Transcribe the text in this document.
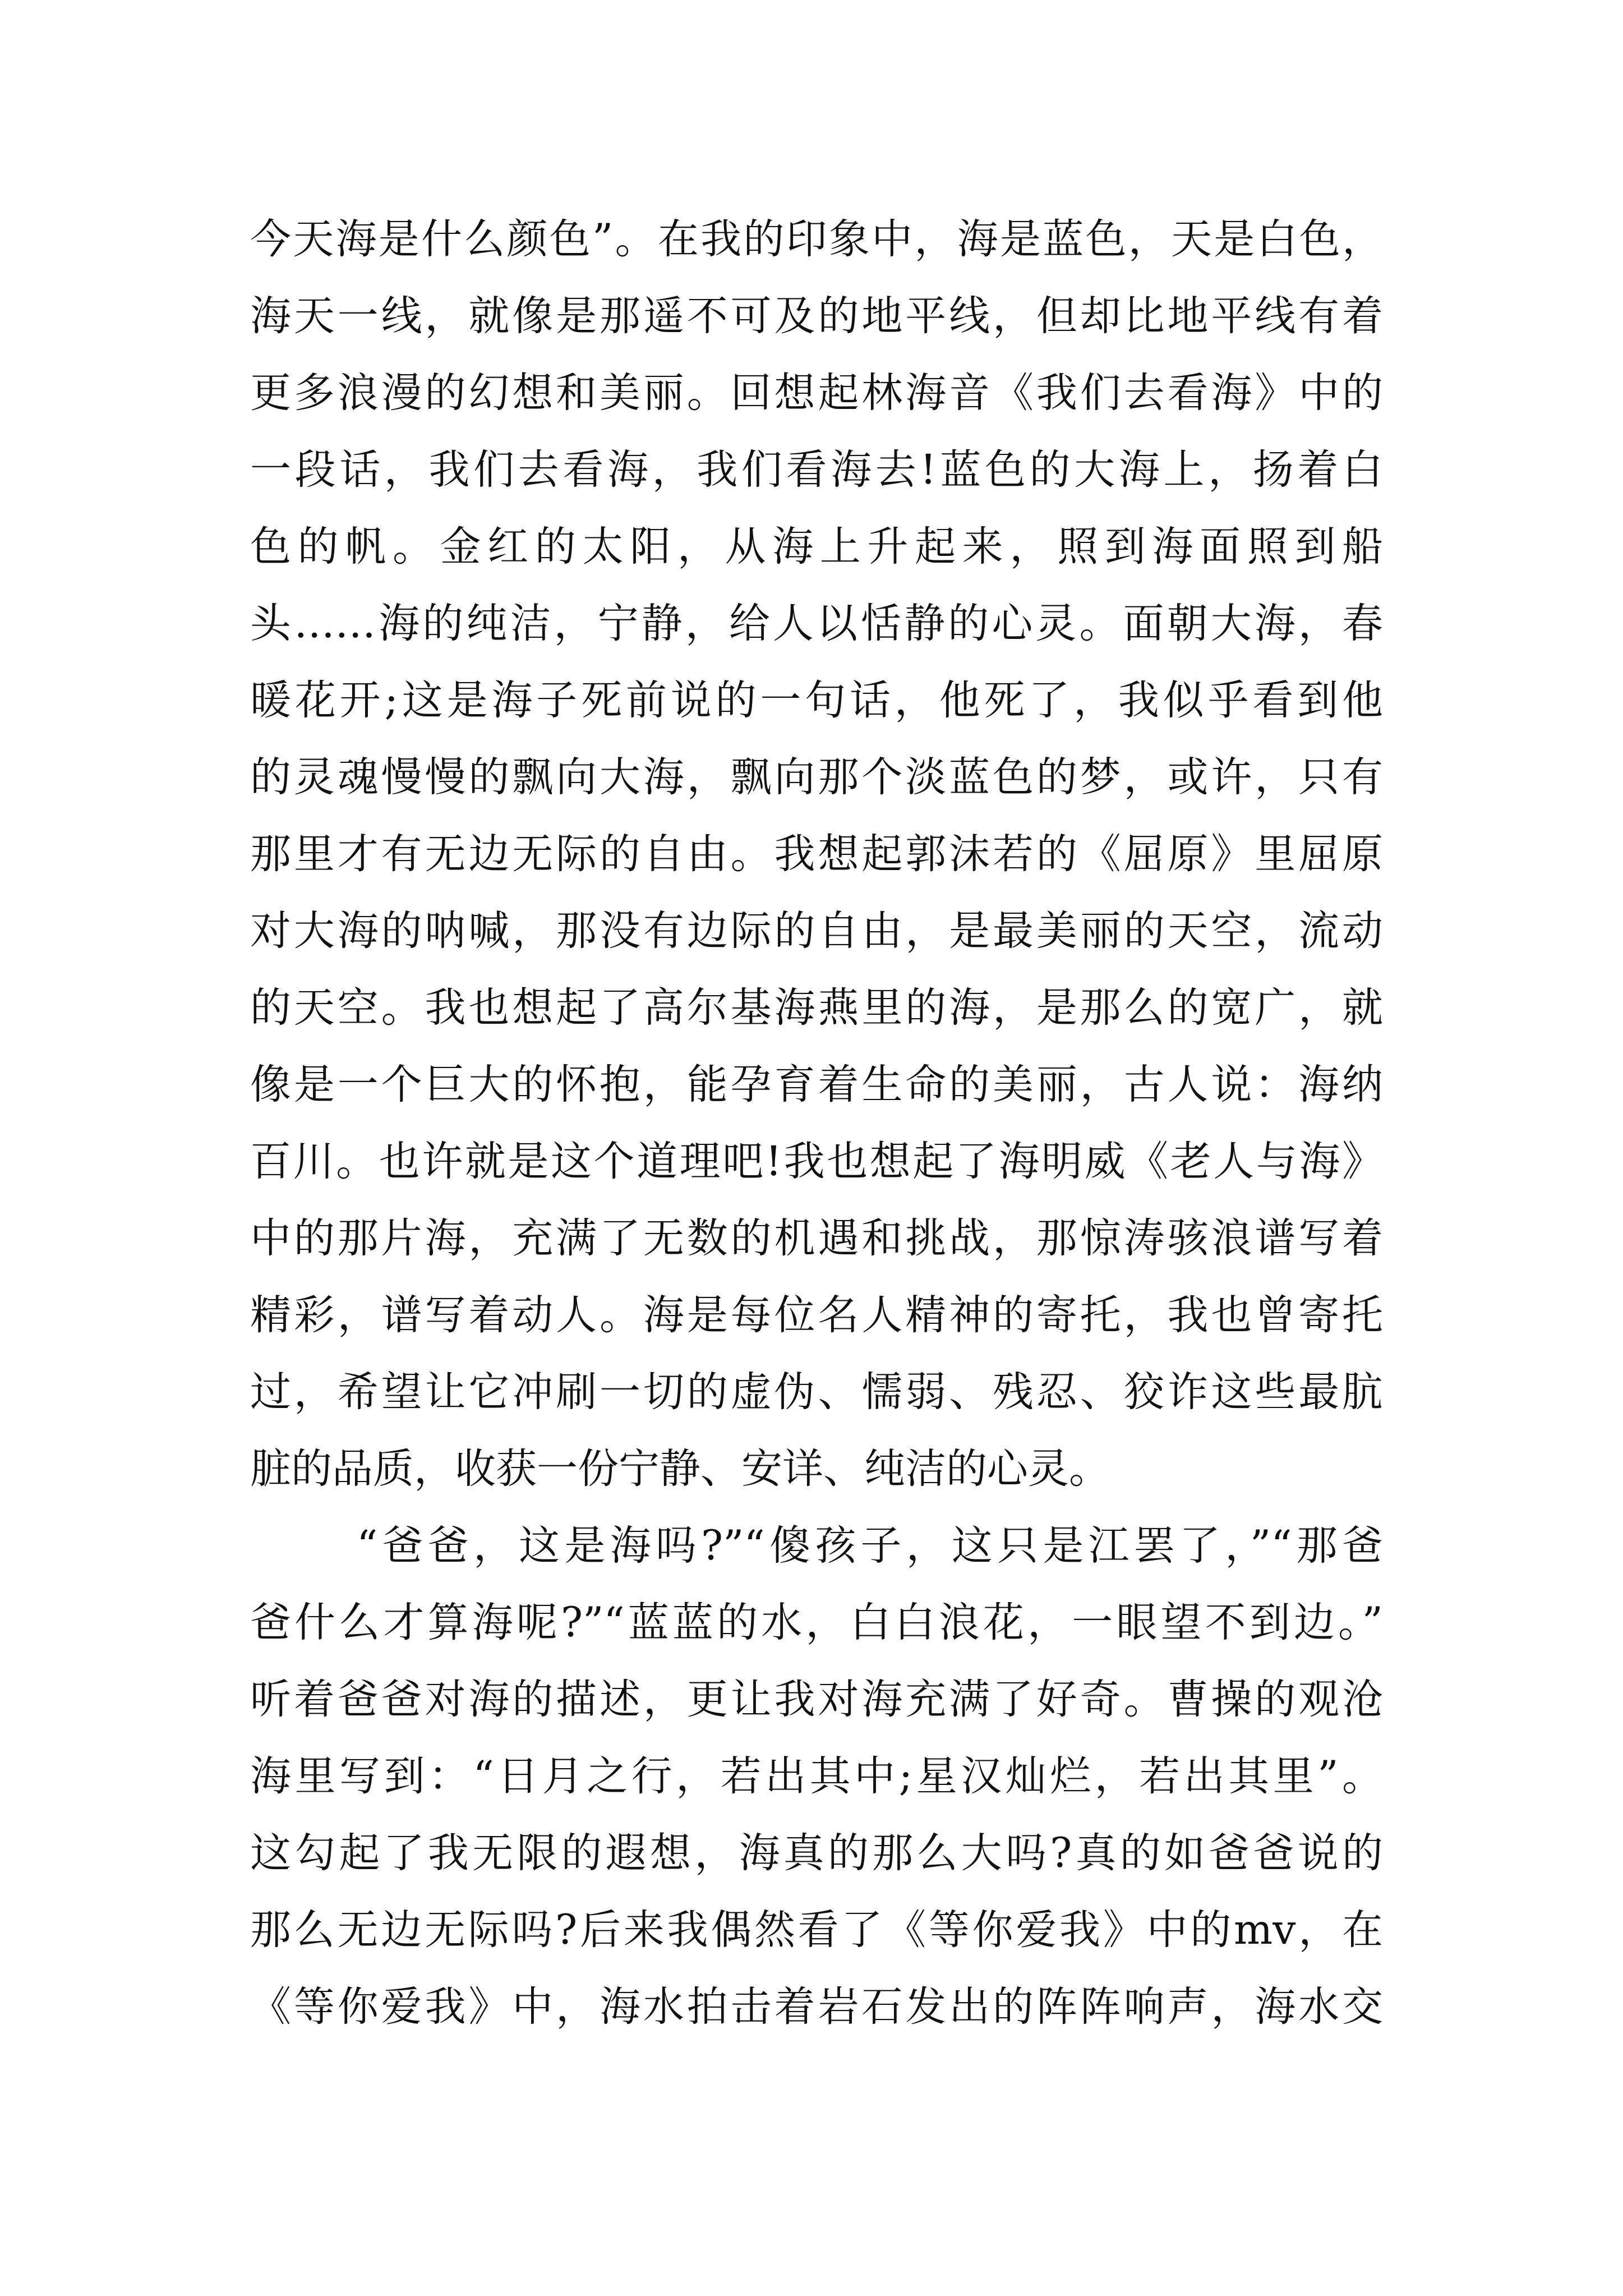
今天海是什么颜色”。在我的印象中，海是蓝色，天是白色，
海天一线，就像是那遥不可及的地平线，但却比地平线有着
更多浪漫的幻想和美丽。回想起林海音《我们去看海》中的
一段话，我们去看海，我们看海去!蓝色的大海上，扬着白
色的帆。金红的太阳，从海上升起来，照到海面照到船
头……海的纯洁，宁静，给人以恬静的心灵。面朝大海，春
暖花开;这是海子死前说的一句话，他死了，我似乎看到他
的灵魂慢慢的飘向大海，飘向那个淡蓝色的梦，或许，只有
那里才有无边无际的自由。我想起郭沫若的《屈原》里屈原
对大海的呐喊，那没有边际的自由，是最美丽的天空，流动
的天空。我也想起了高尔基海燕里的海，是那么的宽广，就
像是一个巨大的怀抱，能孕育着生命的美丽，古人说：海纳
百川。也许就是这个道理吧!我也想起了海明威《老人与海》
中的那片海，充满了无数的机遇和挑战，那惊涛骇浪谱写着
精彩，谱写着动人。海是每位名人精神的寄托，我也曾寄托
过，希望让它冲刷一切的虚伪、懦弱、残忍、狡诈这些最肮
脏的品质，收获一份宁静、安详、纯洁的心灵。
“爸爸，这是海吗?”“傻孩子，这只是江罢了，”“那爸
爸什么才算海呢?”“蓝蓝的水，白白浪花，一眼望不到边。”
听着爸爸对海的描述，更让我对海充满了好奇。曹操的观沧
海里写到：“日月之行，若出其中;星汉灿烂，若出其里”。
这勾起了我无限的遐想，海真的那么大吗?真的如爸爸说的
那么无边无际吗?后来我偶然看了《等你爱我》中的mv，在
《等你爱我》中，海水拍击着岩石发出的阵阵响声，海水交
